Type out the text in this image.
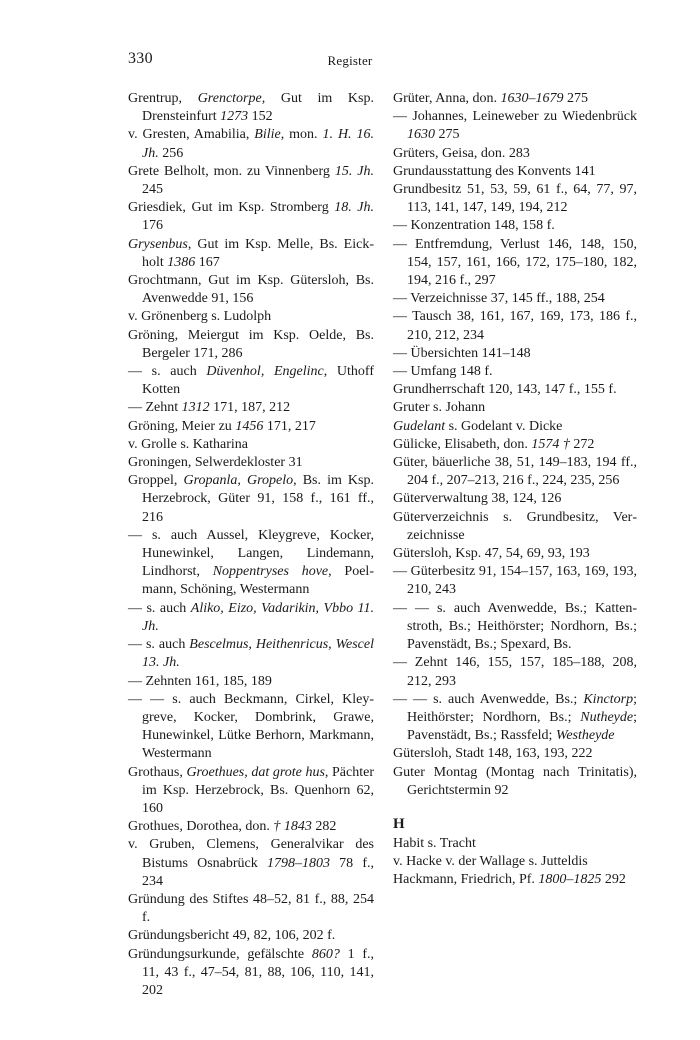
330	Register

Grentrup, Grenctorpe, Gut im Ksp. Drensteinfurt 1273 152

v. Gresten, Amabilia, Bilie, mon. 1. H. 16. Jh. 256

Grete Belholt, mon. zu Vinnenberg 15. Jh. 245

Griesdiek, Gut im Ksp. Stromberg 18. Jh. 176

Grysenbus, Gut im Ksp. Melle, Bs. Eickholt 1386 167

Grochtmann, Gut im Ksp. Gütersloh, Bs. Avenwedde 91, 156

v. Grönenberg s. Ludolph

Gröning, Meiergut im Ksp. Oelde, Bs. Bergeler 171, 286

— s. auch Düvenhol, Engelinc, Uthoff Kotten

— Zehnt 1312 171, 187, 212

Gröning, Meier zu 1456 171, 217

v. Grolle s. Katharina

Groningen, Selwerdekloster 31

Groppel, Gropanla, Gropelo, Bs. im Ksp. Herzebrock, Güter 91, 158 f., 161 ff., 216

— s. auch Aussel, Kleygreve, Kocker, Hunewinkel, Langen, Lindemann, Lindhorst, Noppentryses hove, Poelmann, Schöning, Westermann

— s. auch Aliko, Eizo, Vadarikin, Vbbo 11. Jh.

— s. auch Bescelmus, Heithenricus, Wescel 13. Jh.

— Zehnten 161, 185, 189

— — s. auch Beckmann, Cirkel, Kleygreve, Kocker, Dombrink, Grawe, Hunewinkel, Lütke Berhorn, Markmann, Westermann

Grothaus, Groethues, dat grote hus, Pächter im Ksp. Herzebrock, Bs. Quenhorn 62, 160

Grothues, Dorothea, don. † 1843 282

v. Gruben, Clemens, Generalvikar des Bistums Osnabrück 1798–1803 78 f., 234

Gründung des Stiftes 48–52, 81 f., 88, 254 f.

Gründungsbericht 49, 82, 106, 202 f.

Gründungsurkunde, gefälschte 860? 1 f., 11, 43 f., 47–54, 81, 88, 106, 110, 141, 202

Grüter, Anna, don. 1630–1679 275

— Johannes, Leineweber zu Wiedenbrück 1630 275

Grüters, Geisa, don. 283

Grundausstattung des Konvents 141

Grundbesitz 51, 53, 59, 61 f., 64, 77, 97, 113, 141, 147, 149, 194, 212

— Konzentration 148, 158 f.

— Entfremdung, Verlust 146, 148, 150, 154, 157, 161, 166, 172, 175–180, 182, 194, 216 f., 297

— Verzeichnisse 37, 145 ff., 188, 254

— Tausch 38, 161, 167, 169, 173, 186 f., 210, 212, 234

— Übersichten 141–148

— Umfang 148 f.

Grundherrschaft 120, 143, 147 f., 155 f.

Gruter s. Johann

Gudelant s. Godelant v. Dicke

Gülicke, Elisabeth, don. 1574 † 272

Güter, bäuerliche 38, 51, 149–183, 194 ff., 204 f., 207–213, 216 f., 224, 235, 256

Güterverwaltung 38, 124, 126

Güterverzeichnis s. Grundbesitz, Verzeichnisse

Gütersloh, Ksp. 47, 54, 69, 93, 193

— Güterbesitz 91, 154–157, 163, 169, 193, 210, 243

— — s. auch Avenwedde, Bs.; Kattenstroth, Bs.; Heithörster; Nordhorn, Bs.; Pavenstädt, Bs.; Spexard, Bs.

— Zehnt 146, 155, 157, 185–188, 208, 212, 293

— — s. auch Avenwedde, Bs.; Kinctorp; Heithörster; Nordhorn, Bs.; Nutheyde; Pavenstädt, Bs.; Rassfeld; Westheyde

Gütersloh, Stadt 148, 163, 193, 222

Guter Montag (Montag nach Trinitatis), Gerichtstermin 92

H

Habit s. Tracht

v. Hacke v. der Wallage s. Jutteldis

Hackmann, Friedrich, Pf. 1800–1825 292
